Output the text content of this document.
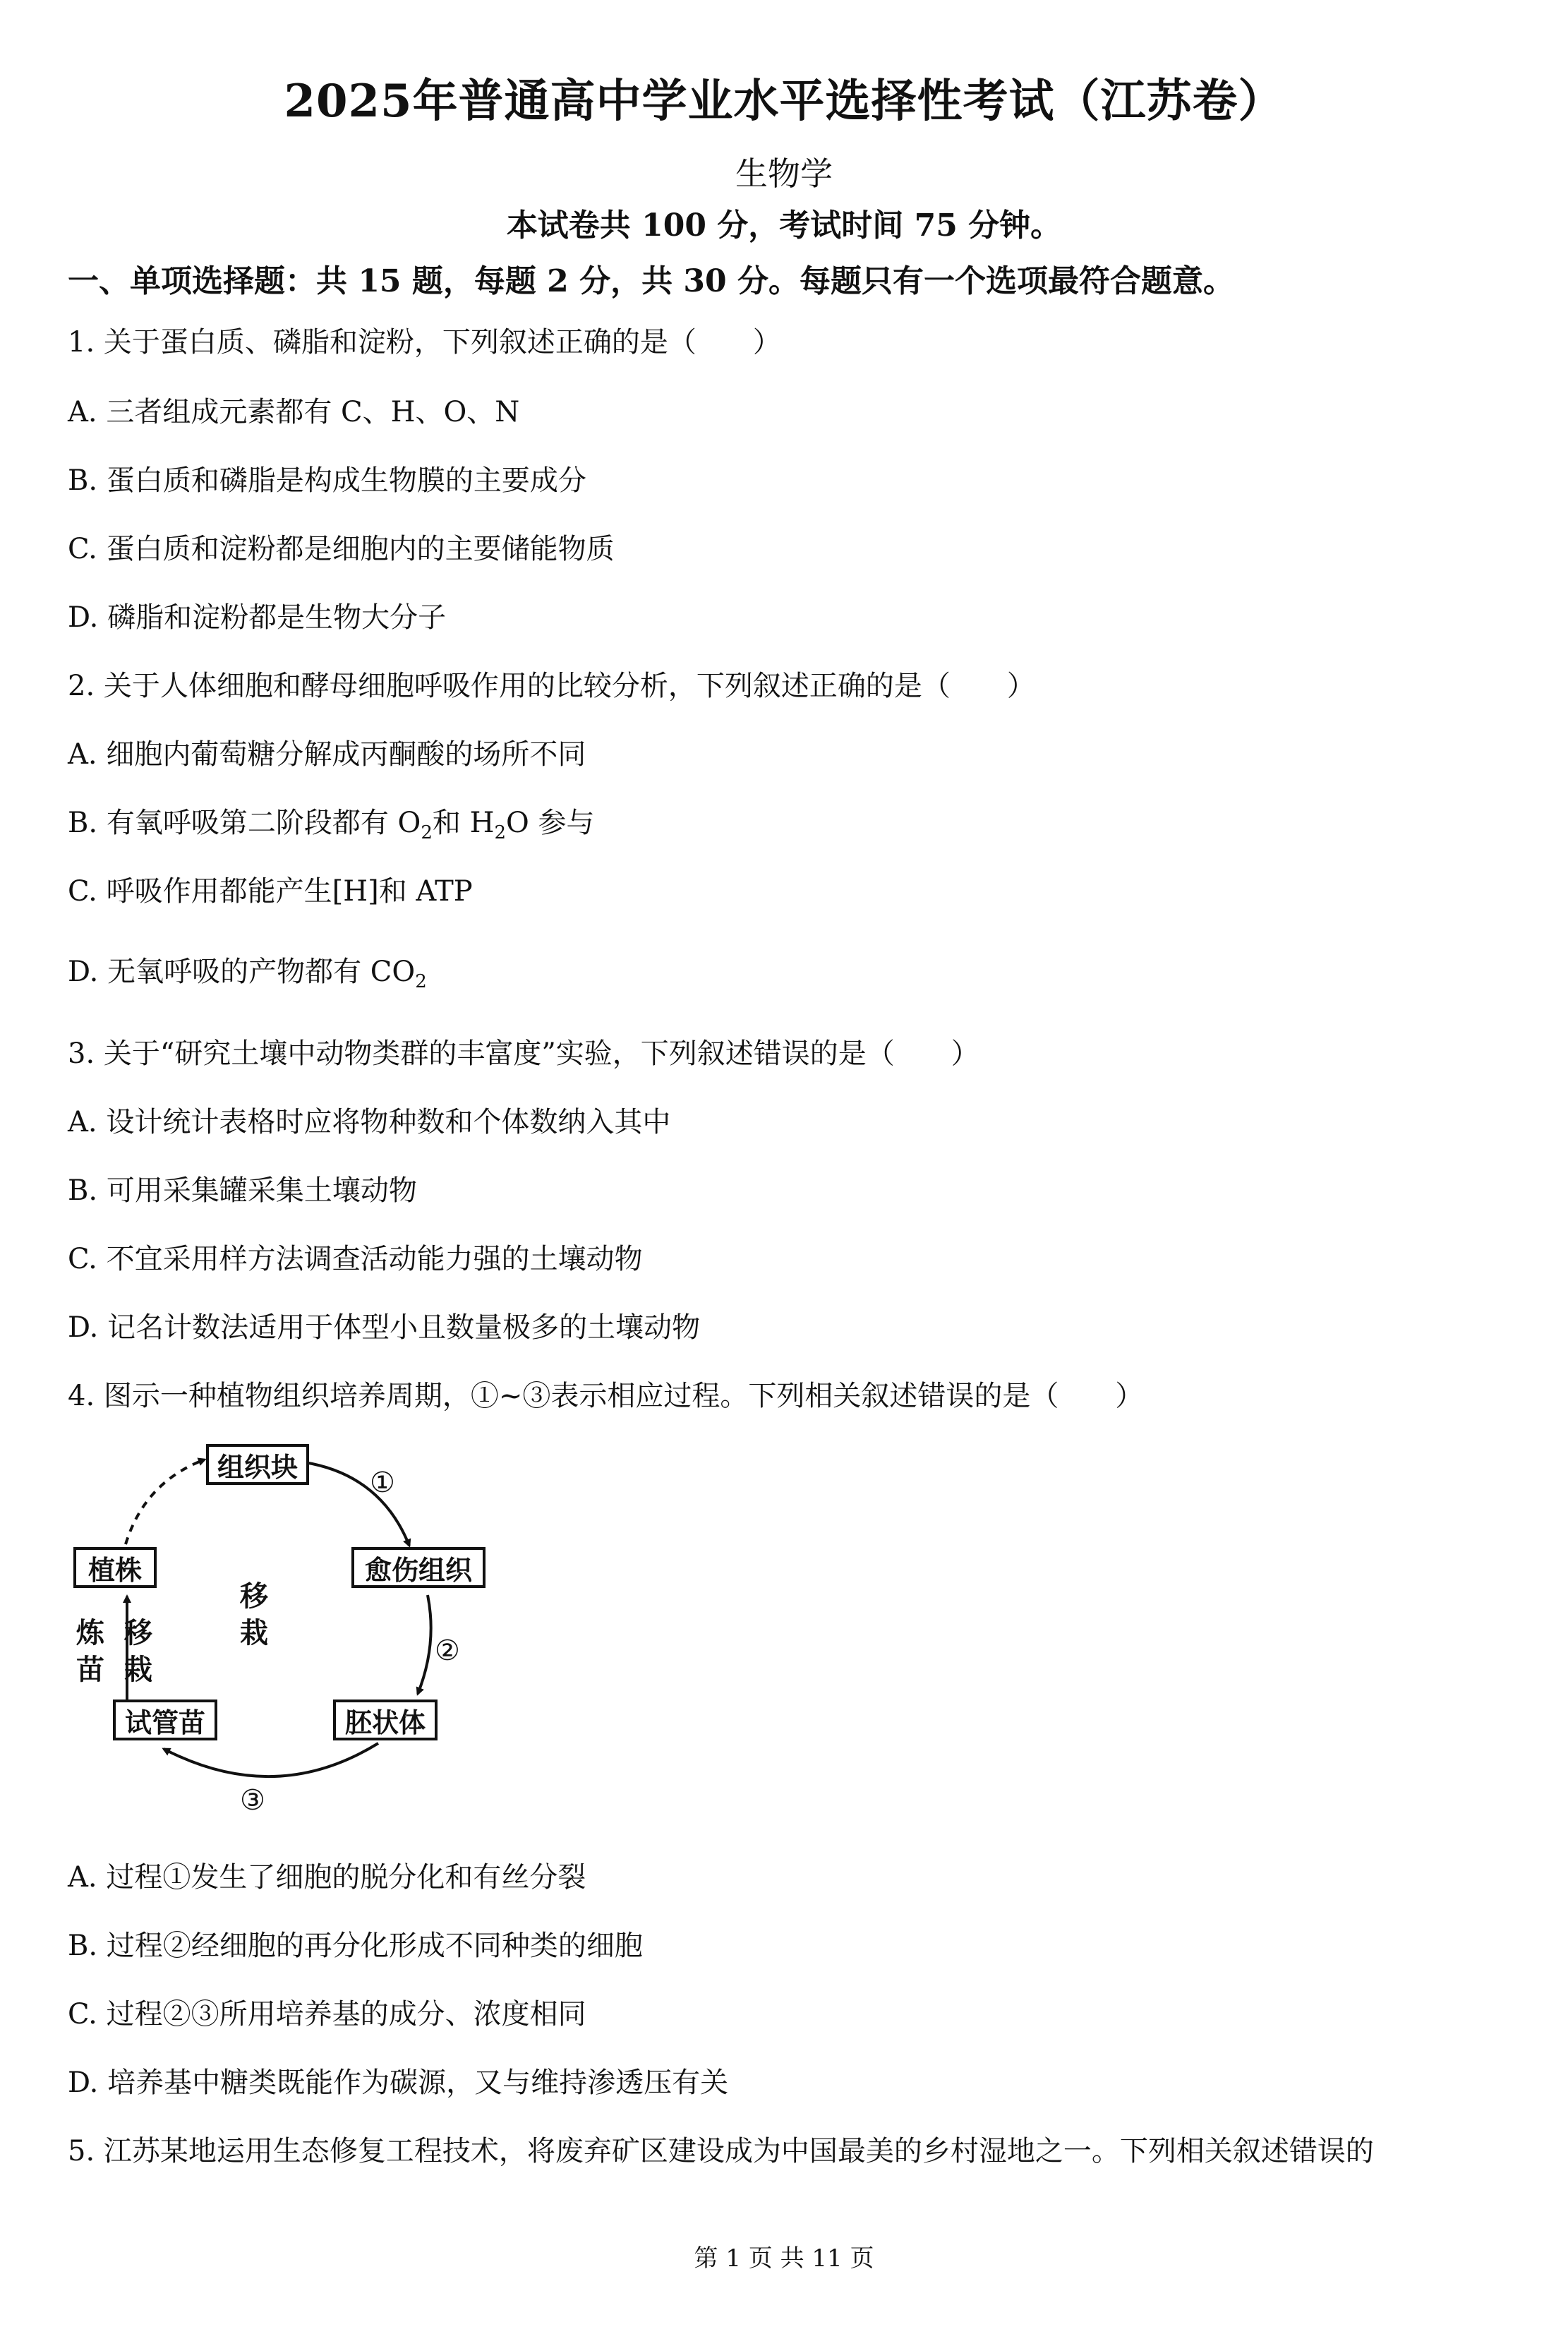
2025年普通高中学业水平选择性考试（江苏卷）
生物学
本试卷共 100 分，考试时间 75 分钟。
一、单项选择题：共 15 题，每题 2 分，共 30 分。每题只有一个选项最符合题意。
1. 关于蛋白质、磷脂和淀粉，下列叙述正确的是（　　）
A. 三者组成元素都有 C、H、O、N
B. 蛋白质和磷脂是构成生物膜的主要成分
C. 蛋白质和淀粉都是细胞内的主要储能物质
D. 磷脂和淀粉都是生物大分子
2. 关于人体细胞和酵母细胞呼吸作用的比较分析，下列叙述正确的是（　　）
A. 细胞内葡萄糖分解成丙酮酸的场所不同
B. 有氧呼吸第二阶段都有 $O_2$和 $H_2O$ 参与
C. 呼吸作用都能产生[H]和 ATP
D. 无氧呼吸的产物都有 $CO_2$
3. 关于“研究土壤中动物类群的丰富度”实验，下列叙述错误的是（　　）
A. 设计统计表格时应将物种数和个体数纳入其中
B. 可用采集罐采集土壤动物
C. 不宜采用样方法调查活动能力强的土壤动物
D. 记名计数法适用于体型小且数量极多的土壤动物
4. 图示一种植物组织培养周期，①~③表示相应过程。下列相关叙述错误的是（　　）
组织块
愈伤组织
胚状体
试管苗
植株
①
②
③
移
栽
炼
苗
移
栽
A. 过程①发生了细胞的脱分化和有丝分裂
B. 过程②经细胞的再分化形成不同种类的细胞
C. 过程②③所用培养基的成分、浓度相同
D. 培养基中糖类既能作为碳源，又与维持渗透压有关
5. 江苏某地运用生态修复工程技术，将废弃矿区建设成为中国最美的乡村湿地之一。下列相关叙述错误的
第 1 页 共 11 页
